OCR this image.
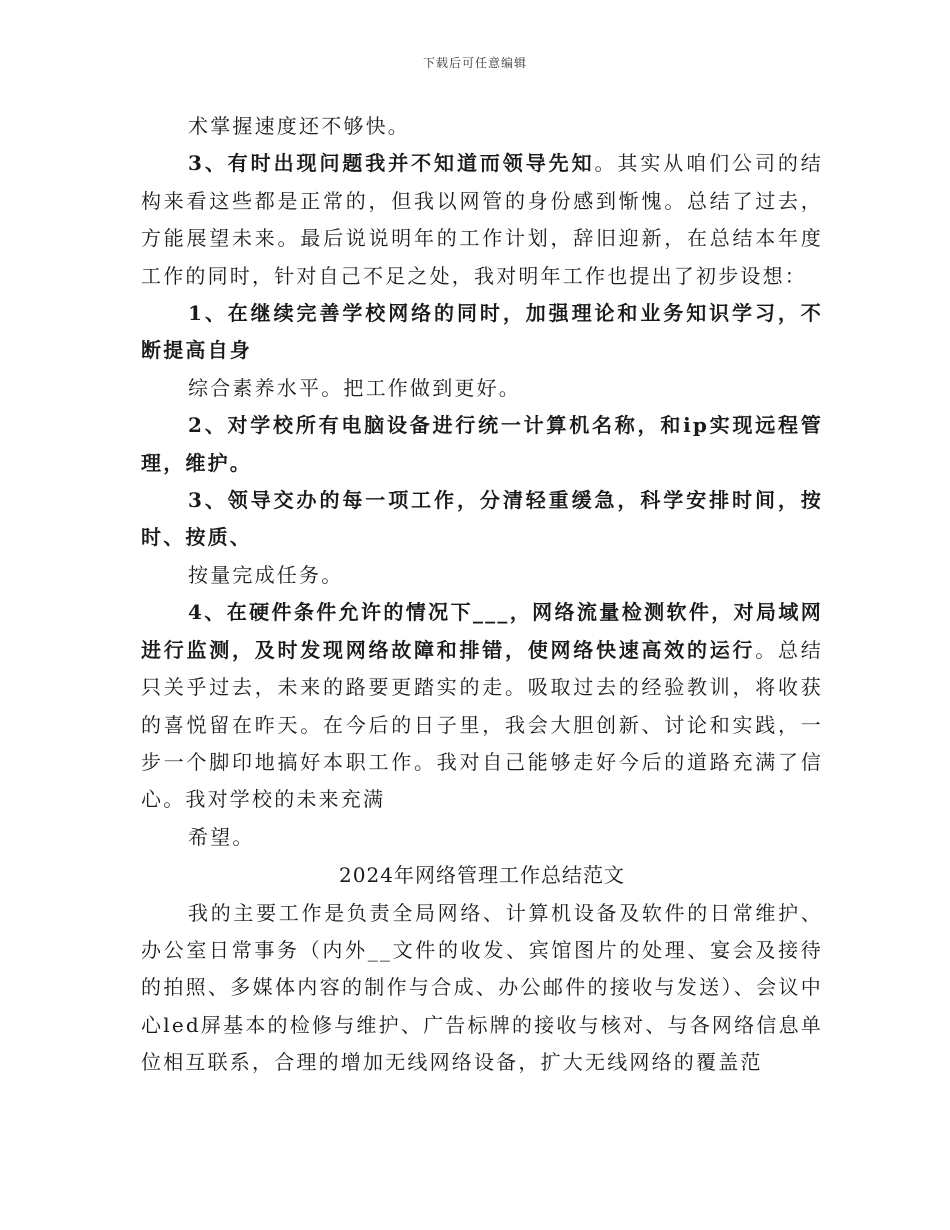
下载后可任意编辑

术掌握速度还不够快。

3、有时出现问题我并不知道而领导先知。其实从咱们公司的结构来看这些都是正常的，但我以网管的身份感到惭愧。总结了过去，方能展望未来。最后说说明年的工作计划，辞旧迎新，在总结本年度工作的同时，针对自己不足之处，我对明年工作也提出了初步设想：

1、在继续完善学校网络的同时，加强理论和业务知识学习，不断提高自身

综合素养水平。把工作做到更好。

2、对学校所有电脑设备进行统一计算机名称，和ip实现远程管理，维护。

3、领导交办的每一项工作，分清轻重缓急，科学安排时间，按时、按质、

按量完成任务。

4、在硬件条件允许的情况下___，网络流量检测软件，对局域网进行监测，及时发现网络故障和排错，使网络快速高效的运行。总结只关乎过去，未来的路要更踏实的走。吸取过去的经验教训，将收获的喜悦留在昨天。在今后的日子里，我会大胆创新、讨论和实践，一步一个脚印地搞好本职工作。我对自己能够走好今后的道路充满了信心。我对学校的未来充满

希望。

2024年网络管理工作总结范文

我的主要工作是负责全局网络、计算机设备及软件的日常维护、办公室日常事务（内外__文件的收发、宾馆图片的处理、宴会及接待的拍照、多媒体内容的制作与合成、办公邮件的接收与发送）、会议中心led屏基本的检修与维护、广告标牌的接收与核对、与各网络信息单位相互联系，合理的增加无线网络设备，扩大无线网络的覆盖范
